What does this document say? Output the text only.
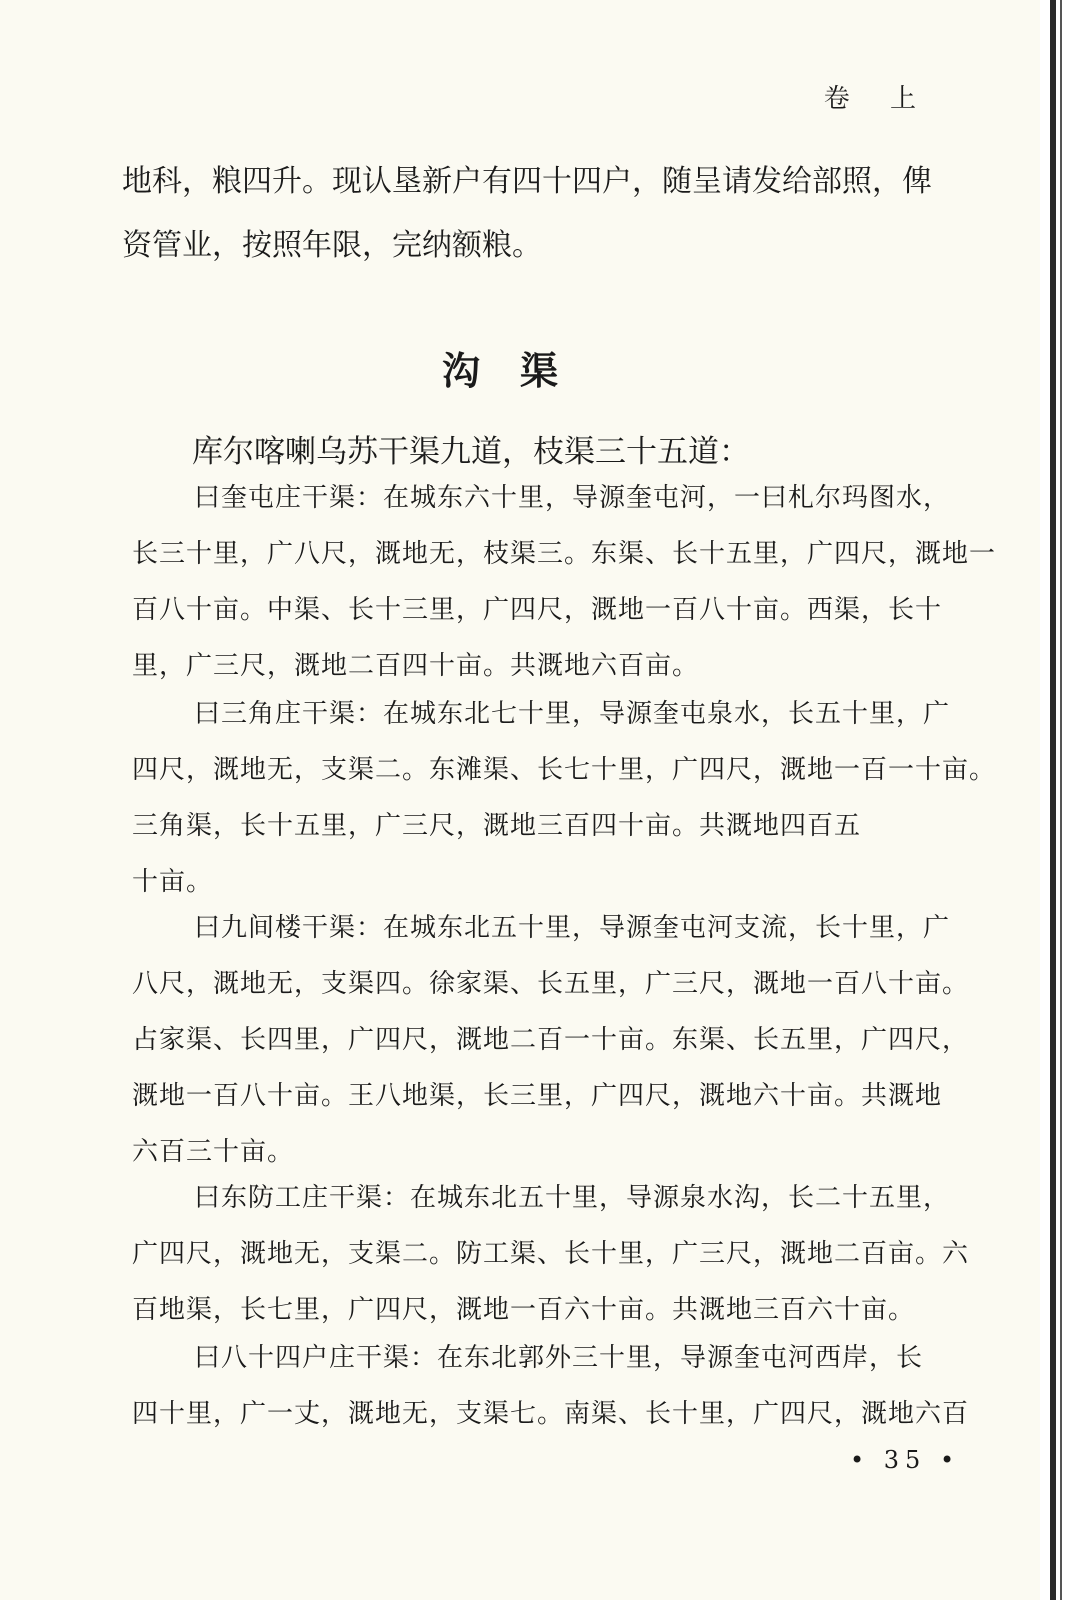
卷 上
地科，粮四升。现认垦新户有四十四户，随呈请发给部照，俾
资管业，按照年限，完纳额粮。
沟渠
库尔喀喇乌苏干渠九道，枝渠三十五道：
曰奎屯庄干渠：在城东六十里，导源奎屯河，一曰札尔玛图水，
长三十里，广八尺，溉地无，枝渠三。东渠、长十五里，广四尺，溉地一
百八十亩。中渠、长十三里，广四尺，溉地一百八十亩。西渠，长十
里，广三尺，溉地二百四十亩。共溉地六百亩。
曰三角庄干渠：在城东北七十里，导源奎屯泉水，长五十里，广
四尺，溉地无，支渠二。东滩渠、长七十里，广四尺，溉地一百一十亩。
三角渠，长十五里，广三尺，溉地三百四十亩。共溉地四百五
十亩。
曰九间楼干渠：在城东北五十里，导源奎屯河支流，长十里，广
八尺，溉地无，支渠四。徐家渠、长五里，广三尺，溉地一百八十亩。
占家渠、长四里，广四尺，溉地二百一十亩。东渠、长五里，广四尺，
溉地一百八十亩。王八地渠，长三里，广四尺，溉地六十亩。共溉地
六百三十亩。
曰东防工庄干渠：在城东北五十里，导源泉水沟，长二十五里，
广四尺，溉地无，支渠二。防工渠、长十里，广三尺，溉地二百亩。六
百地渠，长七里，广四尺，溉地一百六十亩。共溉地三百六十亩。
曰八十四户庄干渠：在东北郭外三十里，导源奎屯河西岸，长
四十里，广一丈，溉地无，支渠七。南渠、长十里，广四尺，溉地六百
• 35 •
